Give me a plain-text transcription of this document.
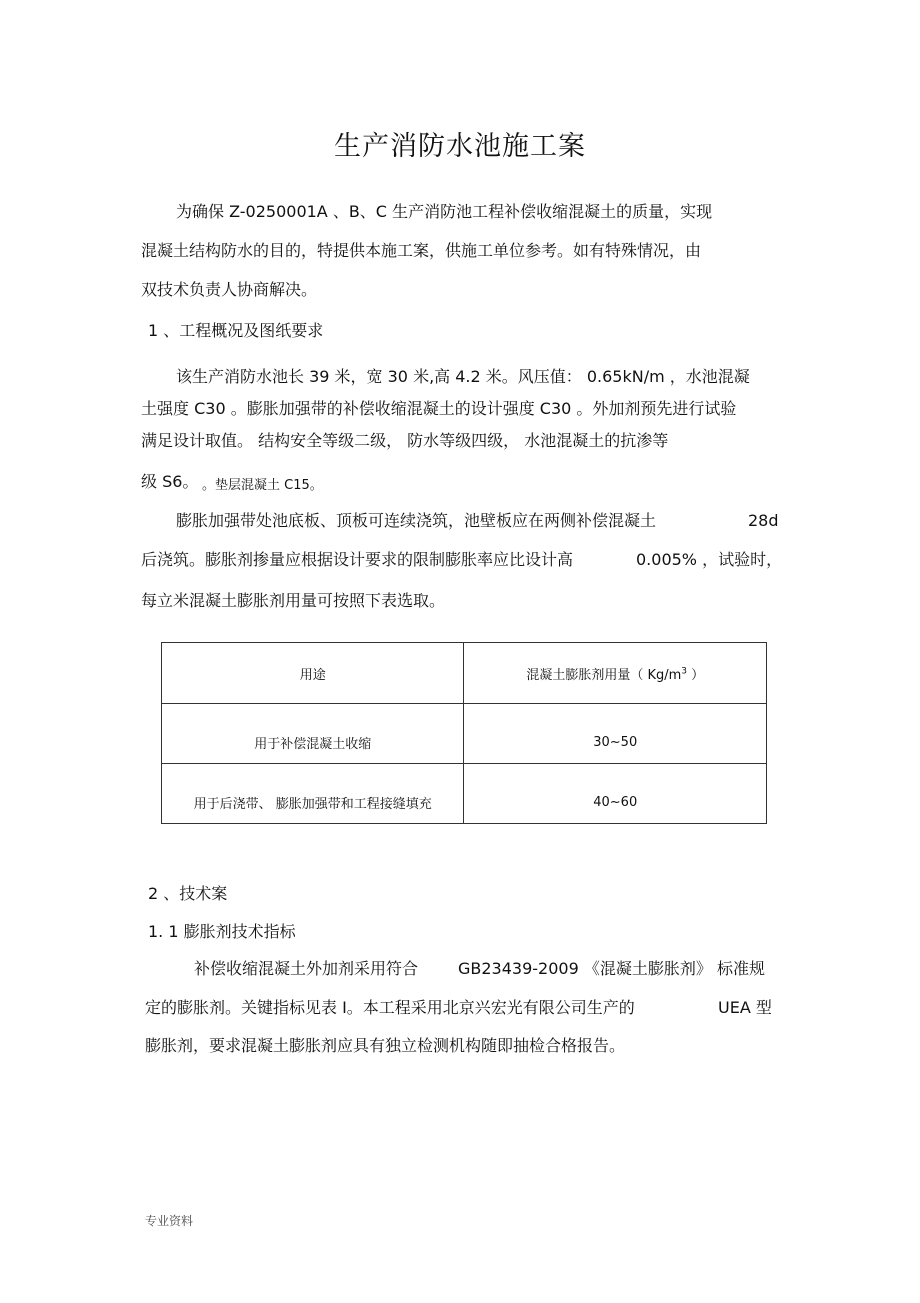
生产消防水池施工案
为确保 Z-0250001A 、B、C 生产消防池工程补偿收缩混凝土的质量，实现
混凝土结构防水的目的，特提供本施工案，供施工单位参考。如有特殊情况，由
双技术负责人协商解决。
1 、工程概况及图纸要求
该生产消防水池长 39 米，宽 30 米,高 4.2 米。风压值： 0.65kN/m ，水池混凝
土强度 C30 。膨胀加强带的补偿收缩混凝土的设计强度 C30 。外加剂预先进行试验
满足设计取值。 结构安全等级二级， 防水等级四级， 水池混凝土的抗渗等
级 S6。 。垫层混凝土 C15。
膨胀加强带处池底板、顶板可连续浇筑，池壁板应在两侧补偿混凝土	28d
后浇筑。膨胀剂掺量应根据设计要求的限制膨胀率应比设计高	0.005% ，试验时，
每立米混凝土膨胀剂用量可按照下表选取。
用途	混凝土膨胀剂用量（ $Kg/m^3$ ）

用于补偿混凝土收缩	30~50

用于后浇带、 膨胀加强带和工程接缝填充	40~60
2 、技术案
1. 1 膨胀剂技术指标
补偿收缩混凝土外加剂采用符合 GB23439-2009 《混凝土膨胀剂》 标准规
定的膨胀剂。关键指标见表 I。本工程采用北京兴宏光有限公司生产的	UEA 型
膨胀剂，要求混凝土膨胀剂应具有独立检测机构随即抽检合格报告。
专业资料
